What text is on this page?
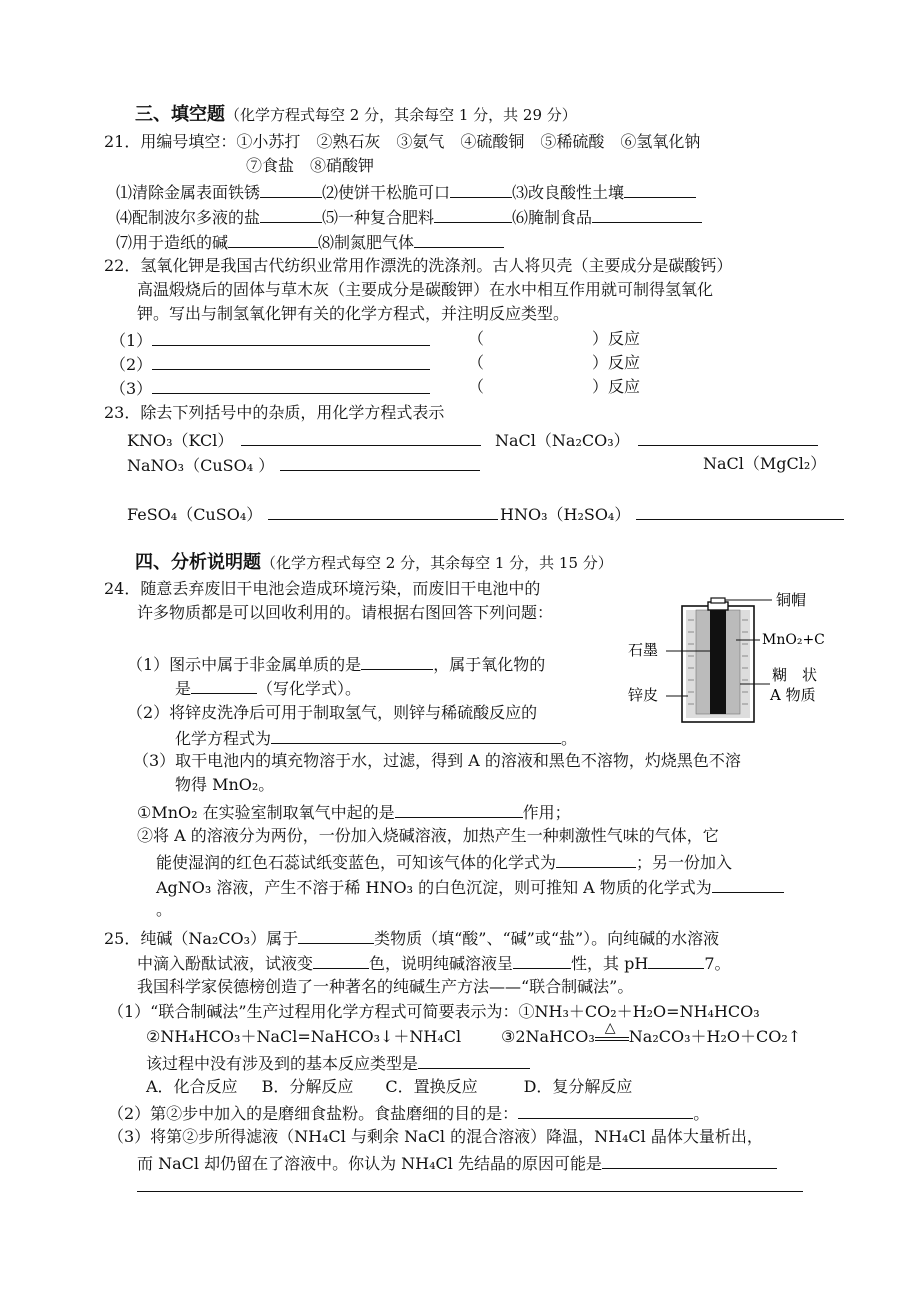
三、填空题（化学方程式每空 2 分，其余每空 1 分，共 29 分）
21．用编号填空：①小苏打　②熟石灰　③氨气　④硫酸铜　⑤稀硫酸　⑥氢氧化钠
⑦食盐　⑧硝酸钾
⑴清除金属表面铁锈	⑵使饼干松脆可口	⑶改良酸性土壤
⑷配制波尔多液的盐	⑸一种复合肥料	⑹腌制食品
⑺用于造纸的碱	⑻制氮肥气体
22．氢氧化钾是我国古代纺织业常用作漂洗的洗涤剂。古人将贝壳（主要成分是碳酸钙）
高温煅烧后的固体与草木灰（主要成分是碳酸钾）在水中相互作用就可制得氢氧化
钾。写出与制氢氧化钾有关的化学方程式，并注明反应类型。
（1）	（	）反应
（2）	（	）反应
（3）	（	）反应
23．除去下列括号中的杂质，用化学方程式表示
KNO₃（KCl）	NaCl（Na₂CO₃）
NaNO₃（CuSO₄ ）	NaCl（MgCl₂）
FeSO₄（CuSO₄）	HNO₃（H₂SO₄）
四、分析说明题（化学方程式每空 2 分，其余每空 1 分，共 15 分）
24．随意丢弃废旧干电池会造成环境污染，而废旧干电池中的
许多物质都是可以回收利用的。请根据右图回答下列问题：
（1）图示中属于非金属单质的是	，属于氧化物的
是	（写化学式）。
（2）将锌皮洗净后可用于制取氢气，则锌与稀硫酸反应的
化学方程式为	。
铜帽
MnO₂+C
石墨
糊　状
A 物质
锌皮
（3）取干电池内的填充物溶于水，过滤，得到 A 的溶液和黑色不溶物，灼烧黑色不溶
物得 MnO₂。
①MnO₂ 在实验室制取氧气中起的是	作用；
②将 A 的溶液分为两份，一份加入烧碱溶液，加热产生一种刺激性气味的气体，它
能使湿润的红色石蕊试纸变蓝色，可知该气体的化学式为	；另一份加入
AgNO₃ 溶液，产生不溶于稀 HNO₃ 的白色沉淀，则可推知 A 物质的化学式为
。
25．纯碱（Na₂CO₃）属于	类物质（填“酸”、“碱”或“盐”）。向纯碱的水溶液
中滴入酚酞试液，试液变	色，说明纯碱溶液呈	性，其 pH	7。
我国科学家侯德榜创造了一种著名的纯碱生产方法——“联合制碱法”。
（1）“联合制碱法”生产过程用化学方程式可简要表示为：①NH₃＋CO₂＋H₂O=NH₄HCO₃
②NH₄HCO₃＋NaCl=NaHCO₃↓＋NH₄Cl ③2NaHCO₃ △ Na₂CO₃＋H₂O＋CO₂↑
该过程中没有涉及到的基本反应类型是
A．化合反应 B．分解反应 C．置换反应	D．复分解反应
（2）第②步中加入的是磨细食盐粉。食盐磨细的目的是：	。
（3）将第②步所得滤液（NH₄Cl 与剩余 NaCl 的混合溶液）降温，NH₄Cl 晶体大量析出，
而 NaCl 却仍留在了溶液中。你认为 NH₄Cl 先结晶的原因可能是
